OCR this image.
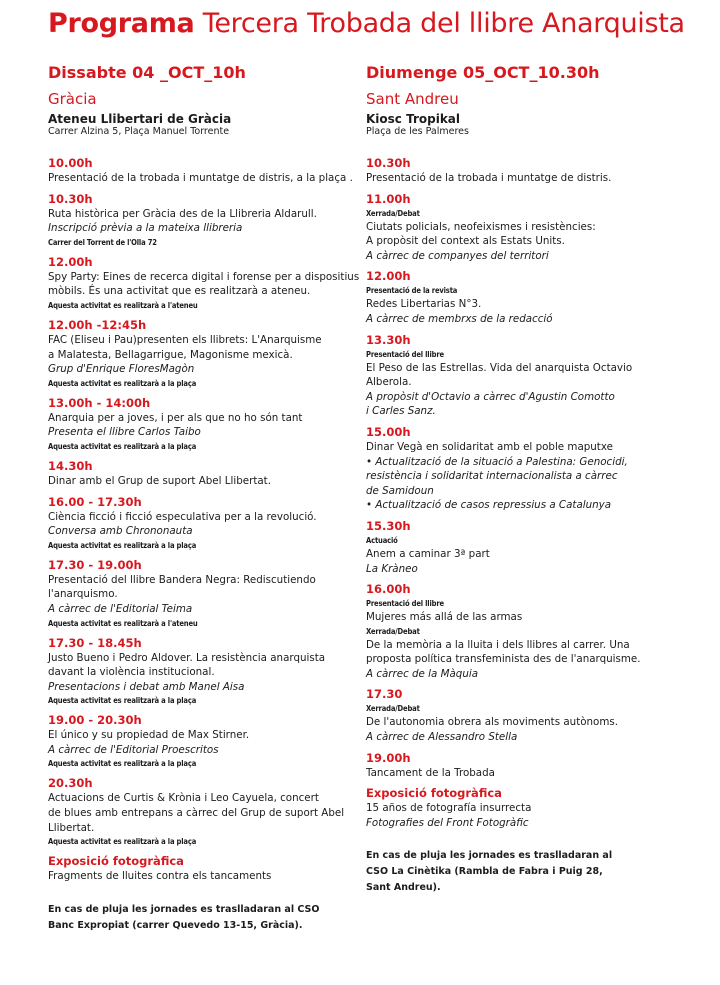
Programa Tercera Trobada del llibre Anarquista
Dissabte 04 _OCT_10h
Gràcia
Ateneu Llibertari de Gràcia
Carrer Alzina 5, Plaça Manuel Torrente
10.00h
Presentació de la trobada i muntatge de distris, a la plaça .
10.30h
Ruta històrica per Gràcia des de la Llibreria Aldarull.
Inscripció prèvia a la mateixa llibreria
Carrer del Torrent de l'Olla 72
12.00h
Spy Party: Eines de recerca digital i forense per a dispositius
mòbils. És una activitat que es realitzarà a ateneu.
Aquesta activitat es realitzarà a l'ateneu
12.00h -12:45h
FAC (Eliseu i Pau)presenten els llibrets: L'Anarquisme
a Malatesta, Bellagarrigue, Magonisme mexicà.
Grup d'Enrique FloresMagòn
Aquesta activitat es realitzarà a la plaça
13.00h - 14:00h
Anarquia per a joves, i per als que no ho són tant
Presenta el llibre Carlos Taibo
Aquesta activitat es realitzarà a la plaça
14.30h
Dinar amb el Grup de suport Abel Llibertat.
16.00 - 17.30h
Ciència ficció i ficció especulativa per a la revolució.
Conversa amb Chrononauta
Aquesta activitat es realitzarà a la plaça
17.30 - 19.00h
Presentació del llibre Bandera Negra: Rediscutiendo
l'anarquismo.
A càrrec de l'Editorial Teima
Aquesta activitat es realitzarà a l'ateneu
17.30 - 18.45h
Justo Bueno i Pedro Aldover. La resistència anarquista
davant la violència institucional.
Presentacions i debat amb Manel Aisa
Aquesta activitat es realitzarà a la plaça
19.00 - 20.30h
El único y su propiedad de Max Stirner.
A càrrec de l'Editorial Proescritos
Aquesta activitat es realitzarà a la plaça
20.30h
Actuacions de Curtis & Krònia i Leo Cayuela, concert
de blues amb entrepans a càrrec del Grup de suport Abel
Llibertat.
Aquesta activitat es realitzarà a la plaça
Exposició fotogràfica
Fragments de lluites contra els tancaments
En cas de pluja les jornades es traslladaran al CSO
Banc Expropiat (carrer Quevedo 13-15, Gràcia).
Diumenge 05_OCT_10.30h
Sant Andreu
Kiosc Tropikal
Plaça de les Palmeres
10.30h
Presentació de la trobada i muntatge de distris.
11.00h
Xerrada/Debat
Ciutats policials, neofeixismes i resistències:
A propòsit del context als Estats Units.
A càrrec de companyes del territori
12.00h
Presentació de la revista
Redes Libertarias N°3.
A càrrec de membrxs de la redacció
13.30h
Presentació del llibre
El Peso de las Estrellas. Vida del anarquista Octavio
Alberola.
A propòsit d'Octavio a càrrec d'Agustin Comotto
i Carles Sanz.
15.00h
Dinar Vegà en solidaritat amb el poble maputxe
• Actualització de la situació a Palestina: Genocidi,
resistència i solidaritat internacionalista a càrrec
de Samidoun
• Actualització de casos repressius a Catalunya
15.30h
Actuació
Anem a caminar 3ª part
La Kràneo
16.00h
Presentació del llibre
Mujeres más allá de las armas
Xerrada/Debat
De la memòria a la lluita i dels llibres al carrer. Una
proposta política transfeminista des de l'anarquisme.
A càrrec de la Màquia
17.30
Xerrada/Debat
De l'autonomia obrera als moviments autònoms.
A càrrec de Alessandro Stella
19.00h
Tancament de la Trobada
Exposició fotogràfica
15 años de fotografía insurrecta
Fotografies del Front Fotogràfic
En cas de pluja les jornades es traslladaran al
CSO La Cinètika (Rambla de Fabra i Puig 28,
Sant Andreu).
